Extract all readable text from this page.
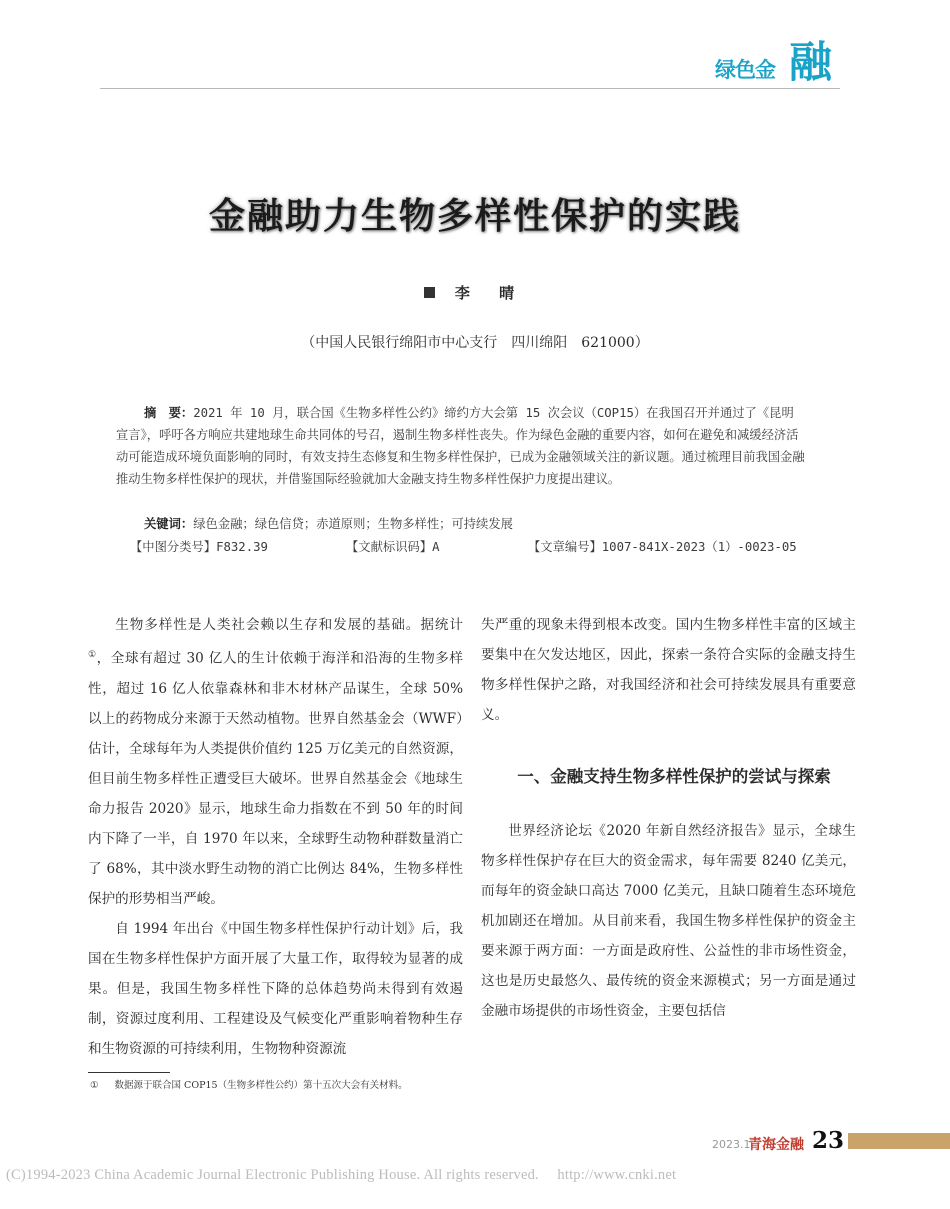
绿色金 融
金融助力生物多样性保护的实践
李 晴
（中国人民银行绵阳市中心支行　四川绵阳　621000）
摘　要：2021 年 10 月，联合国《生物多样性公约》缔约方大会第 15 次会议（COP15）在我国召开并通过了《昆明宣言》，呼吁各方响应共建地球生命共同体的号召，遏制生物多样性丧失。作为绿色金融的重要内容，如何在避免和减缓经济活动可能造成环境负面影响的同时，有效支持生态修复和生物多样性保护，已成为金融领域关注的新议题。通过梳理目前我国金融推动生物多样性保护的现状，并借鉴国际经验就加大金融支持生物多样性保护力度提出建议。
关键词：绿色金融；绿色信贷；赤道原则；生物多样性；可持续发展
【中图分类号】F832.39	【文献标识码】A	【文章编号】1007-841X-2023（1）-0023-05

生物多样性是人类社会赖以生存和发展的基础。据统计①，全球有超过 30 亿人的生计依赖于海洋和沿海的生物多样性，超过 16 亿人依靠森林和非木材林产品谋生，全球 50% 以上的药物成分来源于天然动植物。世界自然基金会（WWF）估计，全球每年为人类提供价值约 125 万亿美元的自然资源，但目前生物多样性正遭受巨大破坏。世界自然基金会《地球生命力报告 2020》显示，地球生命力指数在不到 50 年的时间内下降了一半，自 1970 年以来，全球野生动物种群数量消亡了 68%，其中淡水野生动物的消亡比例达 84%，生物多样性保护的形势相当严峻。

自 1994 年出台《中国生物多样性保护行动计划》后，我国在生物多样性保护方面开展了大量工作，取得较为显著的成果。但是，我国生物多样性下降的总体趋势尚未得到有效遏制，资源过度利用、工程建设及气候变化严重影响着物种生存和生物资源的可持续利用，生物物种资源流

失严重的现象未得到根本改变。国内生物多样性丰富的区域主要集中在欠发达地区，因此，探索一条符合实际的金融支持生物多样性保护之路，对我国经济和社会可持续发展具有重要意义。

一、金融支持生物多样性保护的尝试与探索

世界经济论坛《2020 年新自然经济报告》显示，全球生物多样性保护存在巨大的资金需求，每年需要 8240 亿美元，而每年的资金缺口高达 7000 亿美元，且缺口随着生态环境危机加剧还在增加。从目前来看，我国生物多样性保护的资金主要来源于两方面：一方面是政府性、公益性的非市场性资金，这也是历史最悠久、最传统的资金来源模式；另一方面是通过金融市场提供的市场性资金，主要包括信

① 数据源于联合国 COP15（生物多样性公约）第十五次大会有关材料。
2023.1
青海金融 23
(C)1994-2023 China Academic Journal Electronic Publishing House. All rights reserved.　 http://www.cnki.net
